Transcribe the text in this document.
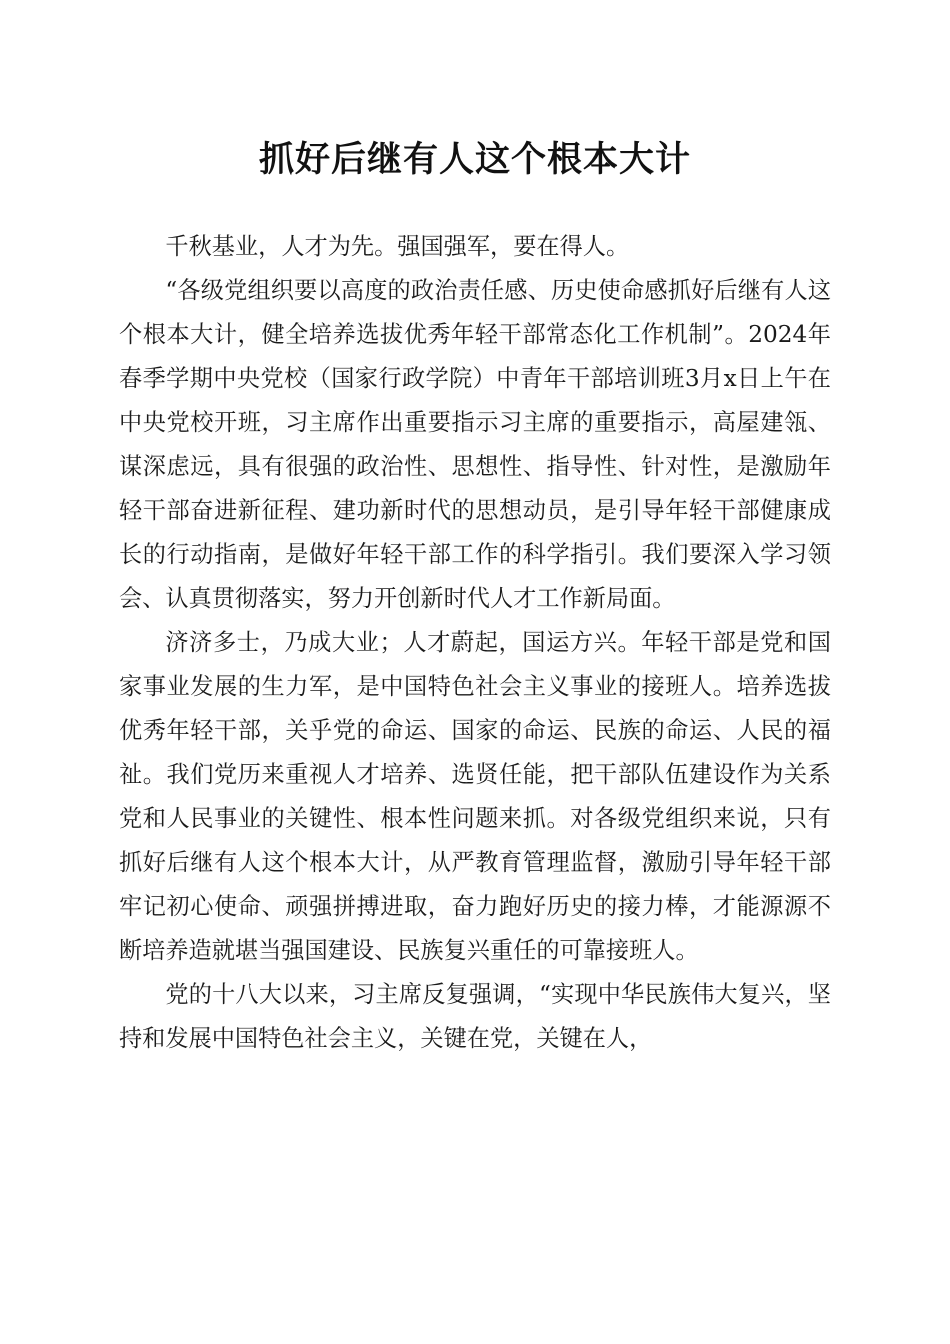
抓好后继有人这个根本大计

千秋基业，人才为先。强国强军，要在得人。

“各级党组织要以高度的政治责任感、历史使命感抓好后继有人这个根本大计，健全培养选拔优秀年轻干部常态化工作机制”。2024年春季学期中央党校（国家行政学院）中青年干部培训班3月x日上午在中央党校开班，习主席作出重要指示习主席的重要指示，高屋建瓴、谋深虑远，具有很强的政治性、思想性、指导性、针对性，是激励年轻干部奋进新征程、建功新时代的思想动员，是引导年轻干部健康成长的行动指南，是做好年轻干部工作的科学指引。我们要深入学习领会、认真贯彻落实，努力开创新时代人才工作新局面。

济济多士，乃成大业；人才蔚起，国运方兴。年轻干部是党和国家事业发展的生力军，是中国特色社会主义事业的接班人。培养选拔优秀年轻干部，关乎党的命运、国家的命运、民族的命运、人民的福祉。我们党历来重视人才培养、选贤任能，把干部队伍建设作为关系党和人民事业的关键性、根本性问题来抓。对各级党组织来说，只有抓好后继有人这个根本大计，从严教育管理监督，激励引导年轻干部牢记初心使命、顽强拼搏进取，奋力跑好历史的接力棒，才能源源不断培养造就堪当强国建设、民族复兴重任的可靠接班人。

党的十八大以来，习主席反复强调，“实现中华民族伟大复兴，坚持和发展中国特色社会主义，关键在党，关键在人，
